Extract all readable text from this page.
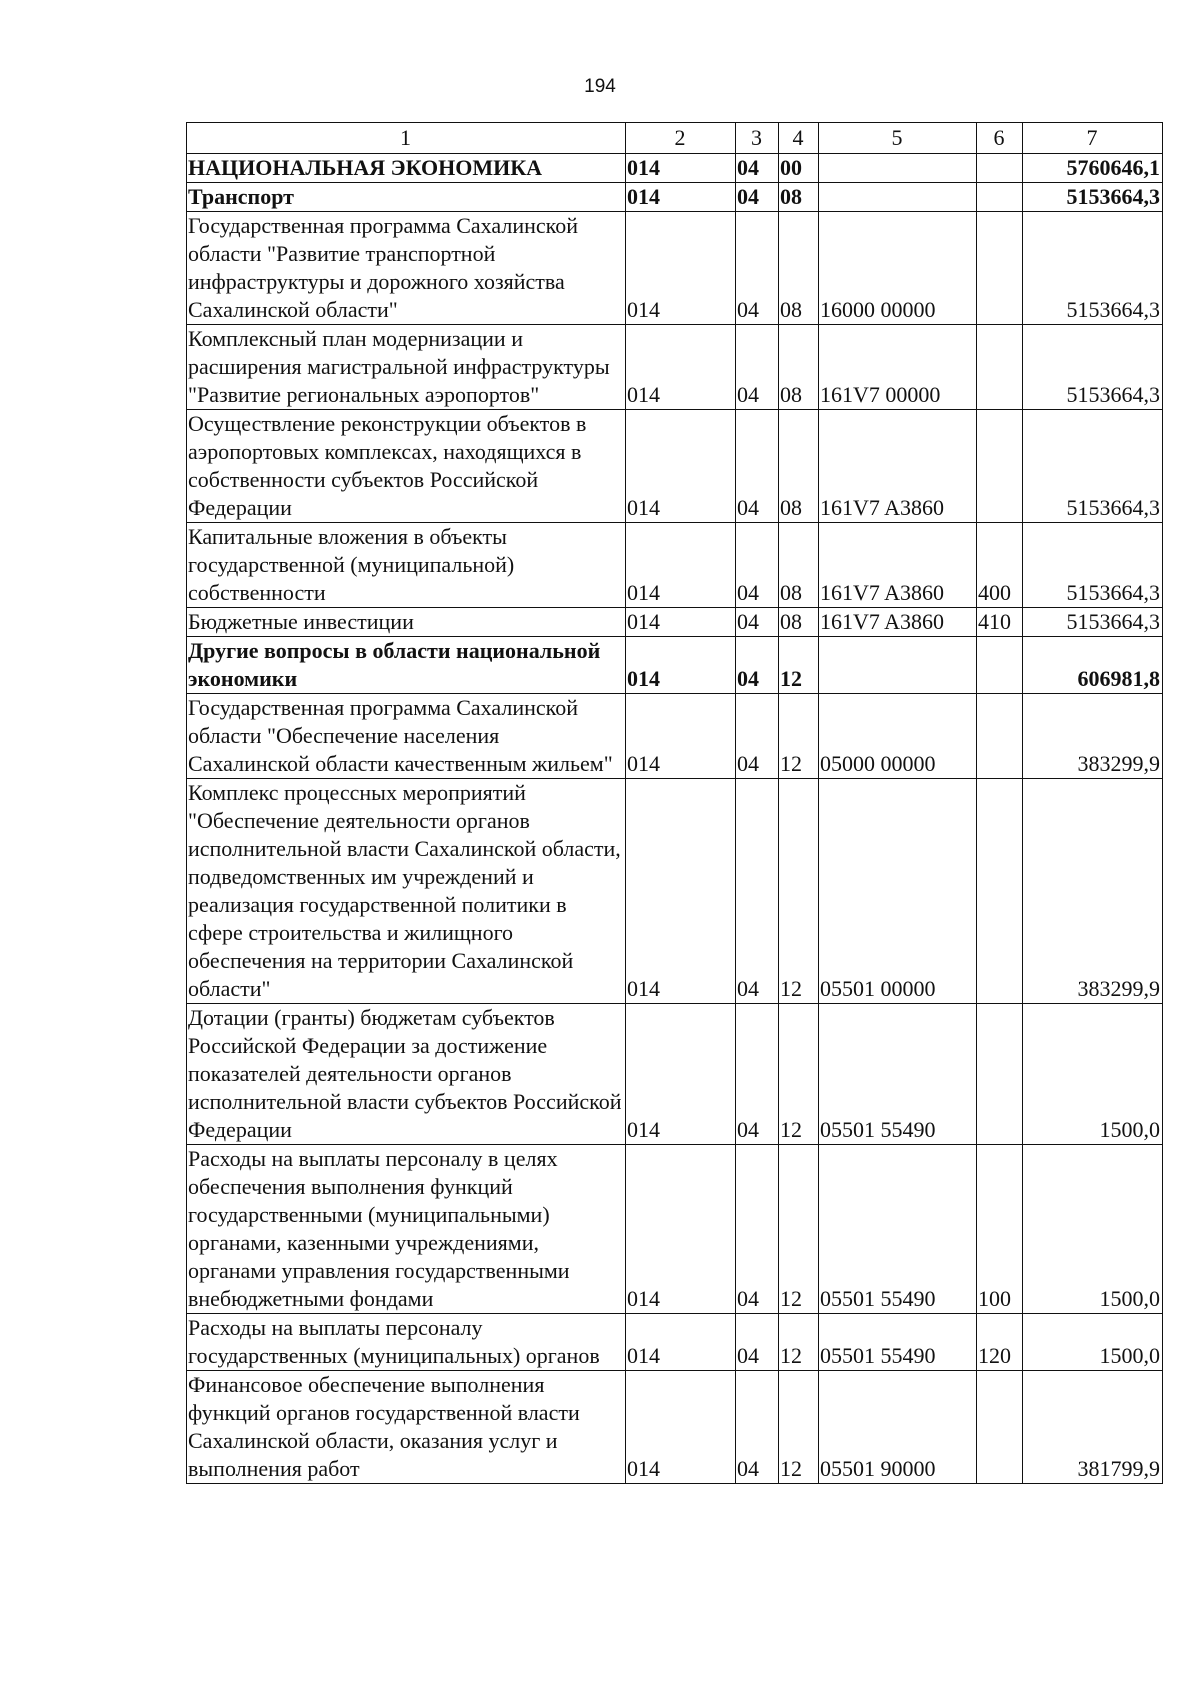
194
1	2	3	4	5	6	7
НАЦИОНАЛЬНАЯ ЭКОНОМИКА	014	04	00			5760646,1
Транспорт	014	04	08			5153664,3
Государственная программа Сахалинской области "Развитие транспортной инфраструктуры и дорожного хозяйства Сахалинской области"	014	04	08	16000 00000		5153664,3
Комплексный план модернизации и расширения магистральной инфраструктуры "Развитие региональных аэропортов"	014	04	08	161V7 00000		5153664,3
Осуществление реконструкции объектов в аэропортовых комплексах, находящихся в собственности субъектов Российской Федерации	014	04	08	161V7 A3860		5153664,3
Капитальные вложения в объекты государственной (муниципальной) собственности	014	04	08	161V7 A3860	400	5153664,3
Бюджетные инвестиции	014	04	08	161V7 A3860	410	5153664,3
Другие вопросы в области национальной экономики	014	04	12			606981,8
Государственная программа Сахалинской области "Обеспечение населения Сахалинской области качественным жильем"	014	04	12	05000 00000		383299,9
Комплекс процессных мероприятий "Обеспечение деятельности органов исполнительной власти Сахалинской области, подведомственных им учреждений и реализация государственной политики в сфере строительства и жилищного обеспечения на территории Сахалинской области"	014	04	12	05501 00000		383299,9
Дотации (гранты) бюджетам субъектов Российской Федерации за достижение показателей деятельности органов исполнительной власти субъектов Российской Федерации	014	04	12	05501 55490		1500,0
Расходы на выплаты персоналу в целях обеспечения выполнения функций государственными (муниципальными) органами, казенными учреждениями, органами управления государственными внебюджетными фондами	014	04	12	05501 55490	100	1500,0
Расходы на выплаты персоналу государственных (муниципальных) органов	014	04	12	05501 55490	120	1500,0
Финансовое обеспечение выполнения функций органов государственной власти Сахалинской области, оказания услуг и выполнения работ	014	04	12	05501 90000		381799,9
